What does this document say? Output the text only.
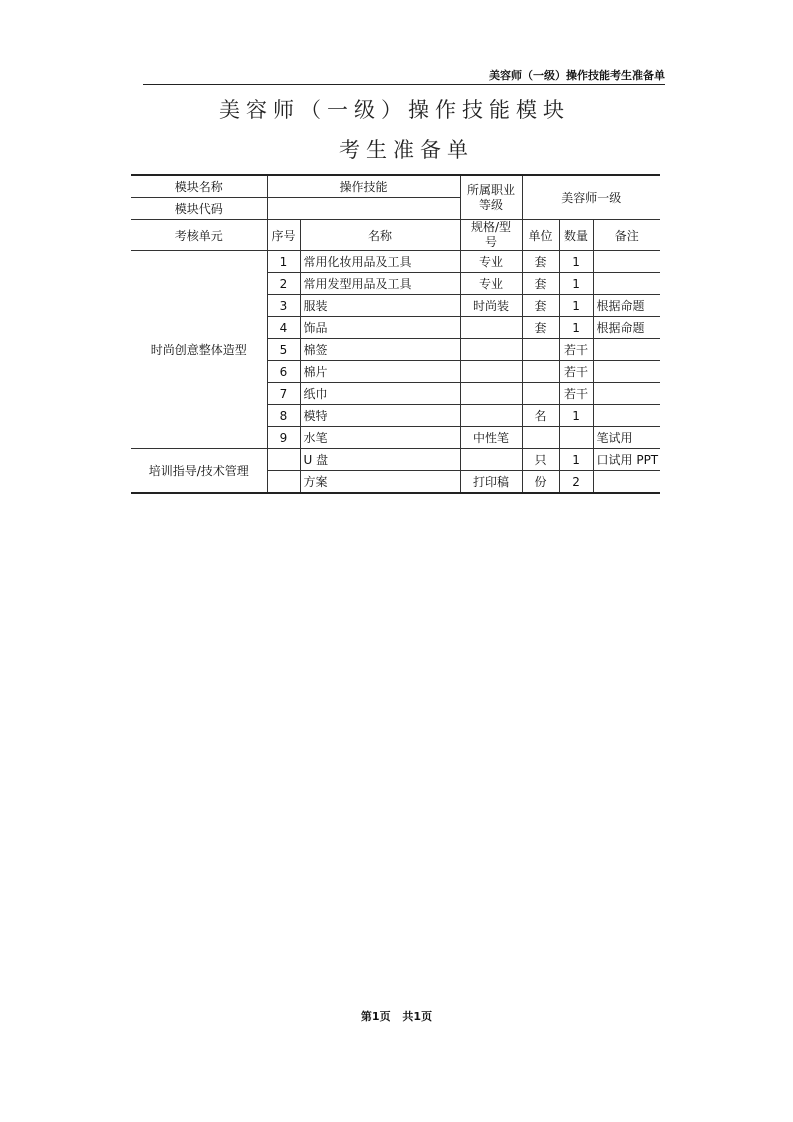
美容师（一级）操作技能考生准备单
美容师（一级）操作技能模块
考生准备单
模块名称	操作技能		所属职业等级	美容师一级		
模块代码						
考核单元	序号	名称	规格/型号	单位	数量	备注
时尚创意整体造型	1	常用化妆用品及工具	专业	套	1	
	2	常用发型用品及工具	专业	套	1	
	3	服装	时尚装	套	1	根据命题
	4	饰品		套	1	根据命题
	5	棉签			若干	
	6	棉片			若干	
	7	纸巾			若干	
	8	模特		名	1	
	9	水笔	中性笔			笔试用
培训指导/技术管理		U 盘		只	1	口试用 PPT
		方案	打印稿	份	2	
第1页 共1页
